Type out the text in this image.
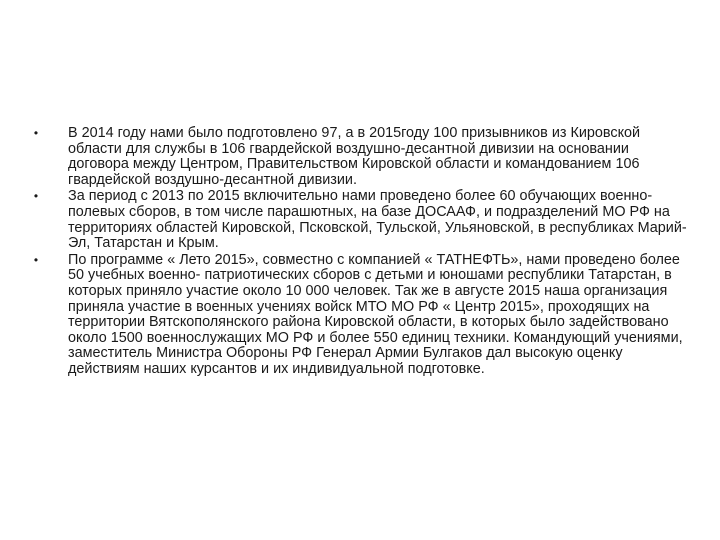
• В 2014 году нами было подготовлено 97, а в 2015году 100 призывников из Кировской области для службы в 106 гвардейской воздушно-десантной дивизии на основании договора между Центром, Правительством Кировской области и командованием 106 гвардейской воздушно-десантной дивизии.
• За период с 2013 по 2015 включительно нами проведено более 60 обучающих военно-полевых сборов, в том числе парашютных, на базе ДОСААФ, и подразделений МО РФ на территориях областей Кировской, Псковской, Тульской, Ульяновской, в республиках Марий-Эл, Татарстан и Крым.
• По программе « Лето 2015», совместно с компанией « ТАТНЕФТЬ», нами проведено более 50 учебных военно- патриотических сборов с детьми и юношами республики Татарстан, в которых приняло участие около 10 000 человек. Так же в августе 2015 наша организация приняла участие в военных учениях войск МТО МО РФ « Центр 2015», проходящих на территории Вятскополянского района Кировской области, в которых было задействовано около 1500 военнослужащих МО РФ и более 550 единиц техники. Командующий учениями, заместитель Министра Обороны РФ Генерал Армии Булгаков дал высокую оценку действиям наших курсантов и их индивидуальной подготовке.
